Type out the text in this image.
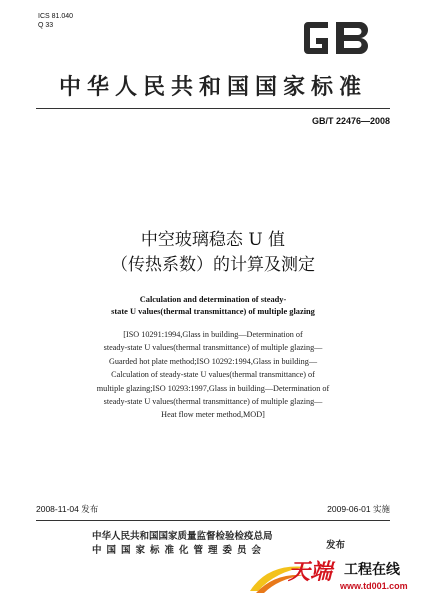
ICS 81.040
Q 33
中华人民共和国国家标准
GB/T 22476—2008
中空玻璃稳态 U 值
（传热系数）的计算及测定
Calculation and determination of steady-
state U values(thermal transmittance) of multiple glazing
[ISO 10291:1994,Glass in building—Determination of
steady-state U values(thermal transmittance) of multiple glazing—
Guarded hot plate method;ISO 10292:1994,Glass in building—
Calculation of steady-state U values(thermal transmittance) of
multiple glazing;ISO 10293:1997,Glass in building—Determination of
steady-state U values(thermal transmittance) of multiple glazing—
Heat flow meter method,MOD]
2008-11-04 发布	2009-06-01 实施
中华人民共和国国家质量监督检验检疫总局
中国国家标准化管理委员会	发布
天端 工程在线
www.td001.com
